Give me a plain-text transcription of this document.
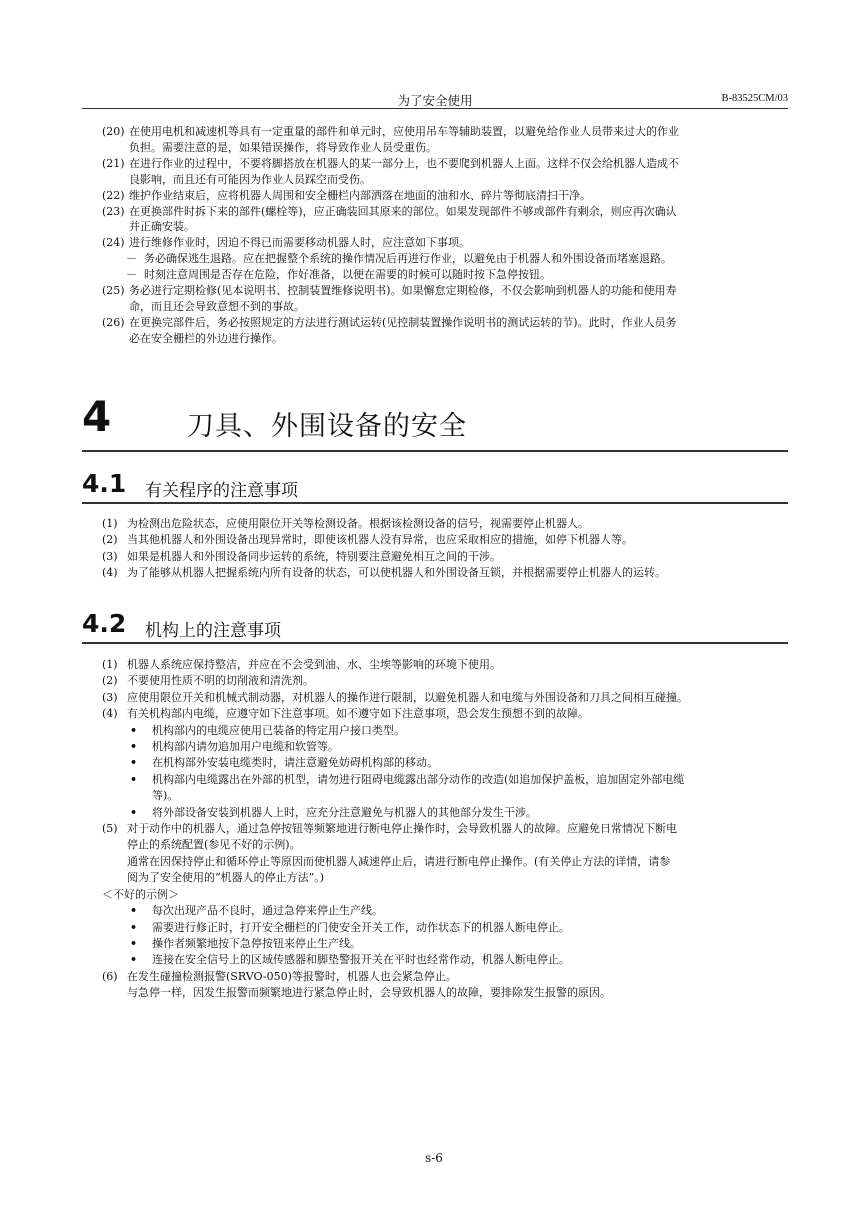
为了安全使用	B-83525CM/03
(20) 在使用电机和减速机等具有一定重量的部件和单元时，应使用吊车等辅助装置，以避免给作业人员带来过大的作业
负担。需要注意的是，如果错误操作，将导致作业人员受重伤。
(21) 在进行作业的过程中，不要将脚搭放在机器人的某一部分上，也不要爬到机器人上面。这样不仅会给机器人造成不
良影响，而且还有可能因为作业人员踩空而受伤。
(22) 维护作业结束后，应将机器人周围和安全栅栏内部洒落在地面的油和水、碎片等彻底清扫干净。
(23) 在更换部件时拆下来的部件(螺栓等)，应正确装回其原来的部位。如果发现部件不够或部件有剩余，则应再次确认
并正确安装。
(24) 进行维修作业时，因迫不得已而需要移动机器人时，应注意如下事项。
－ 务必确保逃生退路。应在把握整个系统的操作情况后再进行作业，以避免由于机器人和外围设备而堵塞退路。
－ 时刻注意周围是否存在危险，作好准备，以便在需要的时候可以随时按下急停按钮。
(25) 务必进行定期检修(见本说明书、控制装置维修说明书)。如果懈怠定期检修，不仅会影响到机器人的功能和使用寿
命，而且还会导致意想不到的事故。
(26) 在更换完部件后，务必按照规定的方法进行测试运转(见控制装置操作说明书的测试运转的节)。此时，作业人员务
必在安全栅栏的外边进行操作。
4	刀具、外围设备的安全
4.1 有关程序的注意事项
(1) 为检测出危险状态，应使用限位开关等检测设备。根据该检测设备的信号，视需要停止机器人。
(2) 当其他机器人和外围设备出现异常时，即使该机器人没有异常，也应采取相应的措施，如停下机器人等。
(3) 如果是机器人和外围设备同步运转的系统，特别要注意避免相互之间的干涉。
(4) 为了能够从机器人把握系统内所有设备的状态，可以使机器人和外围设备互锁，并根据需要停止机器人的运转。
4.2 机构上的注意事项
(1) 机器人系统应保持整洁，并应在不会受到油、水、尘埃等影响的环境下使用。
(2) 不要使用性质不明的切削液和清洗剂。
(3) 应使用限位开关和机械式制动器，对机器人的操作进行限制，以避免机器人和电缆与外围设备和刀具之间相互碰撞。
(4) 有关机构部内电缆，应遵守如下注意事项。如不遵守如下注意事项，恐会发生预想不到的故障。
• 机构部内的电缆应使用已装备的特定用户接口类型。
• 机构部内请勿追加用户电缆和软管等。
• 在机构部外安装电缆类时，请注意避免妨碍机构部的移动。
• 机构部内电缆露出在外部的机型，请勿进行阻碍电缆露出部分动作的改造(如追加保护盖板，追加固定外部电缆
等)。
• 将外部设备安装到机器人上时，应充分注意避免与机器人的其他部分发生干涉。
(5) 对于动作中的机器人，通过急停按钮等频繁地进行断电停止操作时，会导致机器人的故障。应避免日常情况下断电
停止的系统配置(参见不好的示例)。
通常在因保持停止和循环停止等原因而使机器人减速停止后，请进行断电停止操作。(有关停止方法的详情，请参
阅为了安全使用的“机器人的停止方法”。)
＜不好的示例＞
• 每次出现产品不良时，通过急停来停止生产线。
• 需要进行修正时，打开安全栅栏的门使安全开关工作，动作状态下的机器人断电停止。
• 操作者频繁地按下急停按钮来停止生产线。
• 连接在安全信号上的区域传感器和脚垫警报开关在平时也经常作动，机器人断电停止。
(6) 在发生碰撞检测报警(SRVO-050)等报警时，机器人也会紧急停止。
与急停一样，因发生报警而频繁地进行紧急停止时，会导致机器人的故障，要排除发生报警的原因。
s-6
